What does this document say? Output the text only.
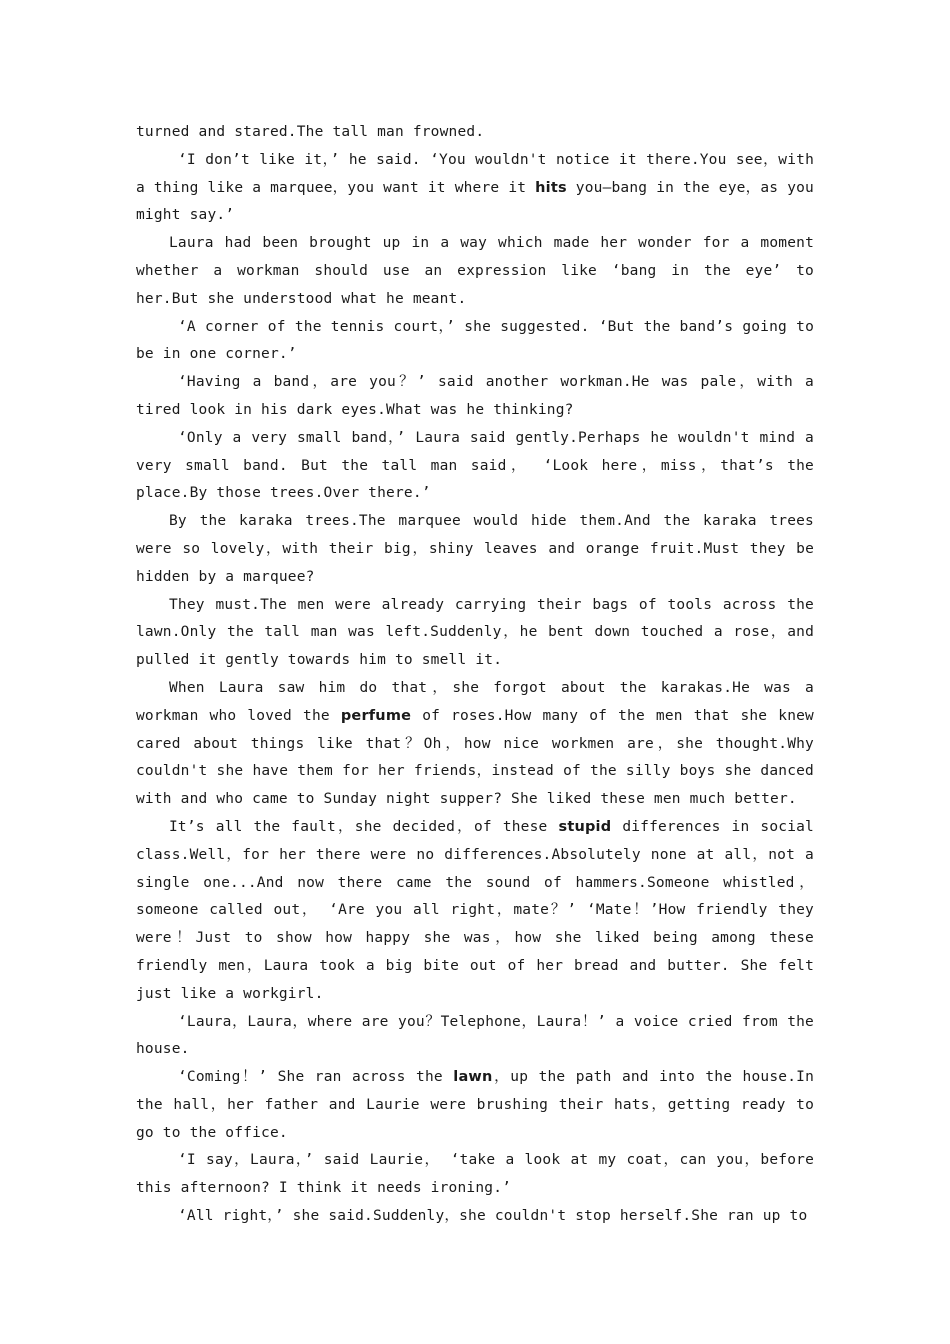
turned and stared.The tall man frowned.

‘I don’t like it，’ he said. ‘You wouldn't notice it there.You see，with a thing like a marquee，you want it where it hits you—bang in the eye，as you might say.’

Laura had been brought up in a way which made her wonder for a moment whether a workman should use an expression like ‘bang in the eye’ to her.But she understood what he meant.

‘A corner of the tennis court，’ she suggested. ‘But the band’s going to be in one corner.’

‘Having a band，are you？’ said another workman.He was pale，with a tired look in his dark eyes.What was he thinking?

‘Only a very small band，’ Laura said gently.Perhaps he wouldn't mind a very small band. But the tall man said， ‘Look here，miss，that’s the place.By those trees.Over there.’

By the karaka trees.The marquee would hide them.And the karaka trees were so lovely，with their big，shiny leaves and orange fruit.Must they be hidden by a marquee?

They must.The men were already carrying their bags of tools across the lawn.Only the tall man was left.Suddenly，he bent down touched a rose，and pulled it gently towards him to smell it.

When Laura saw him do that，she forgot about the karakas.He was a workman who loved the perfume of roses.How many of the men that she knew cared about things like that？Oh，how nice workmen are，she thought.Why couldn't she have them for her friends，instead of the silly boys she danced with and who came to Sunday night supper? She liked these men much better.

It’s all the fault，she decided，of these stupid differences in social class.Well，for her there were no differences.Absolutely none at all，not a single one...And now there came the sound of hammers.Someone whistled，someone called out， ‘Are you all right，mate？’ ‘Mate！’How friendly they were！Just to show how happy she was，how she liked being among these friendly men，Laura took a big bite out of her bread and butter. She felt just like a workgirl.

‘Laura，Laura，where are you？Telephone，Laura！’ a voice cried from the house.

‘Coming！’ She ran across the lawn，up the path and into the house.In the hall，her father and Laurie were brushing their hats，getting ready to go to the office.

‘I say，Laura，’ said Laurie， ‘take a look at my coat，can you，before this afternoon? I think it needs ironing.’

‘All right，’ she said.Suddenly，she couldn't stop herself.She ran up to
